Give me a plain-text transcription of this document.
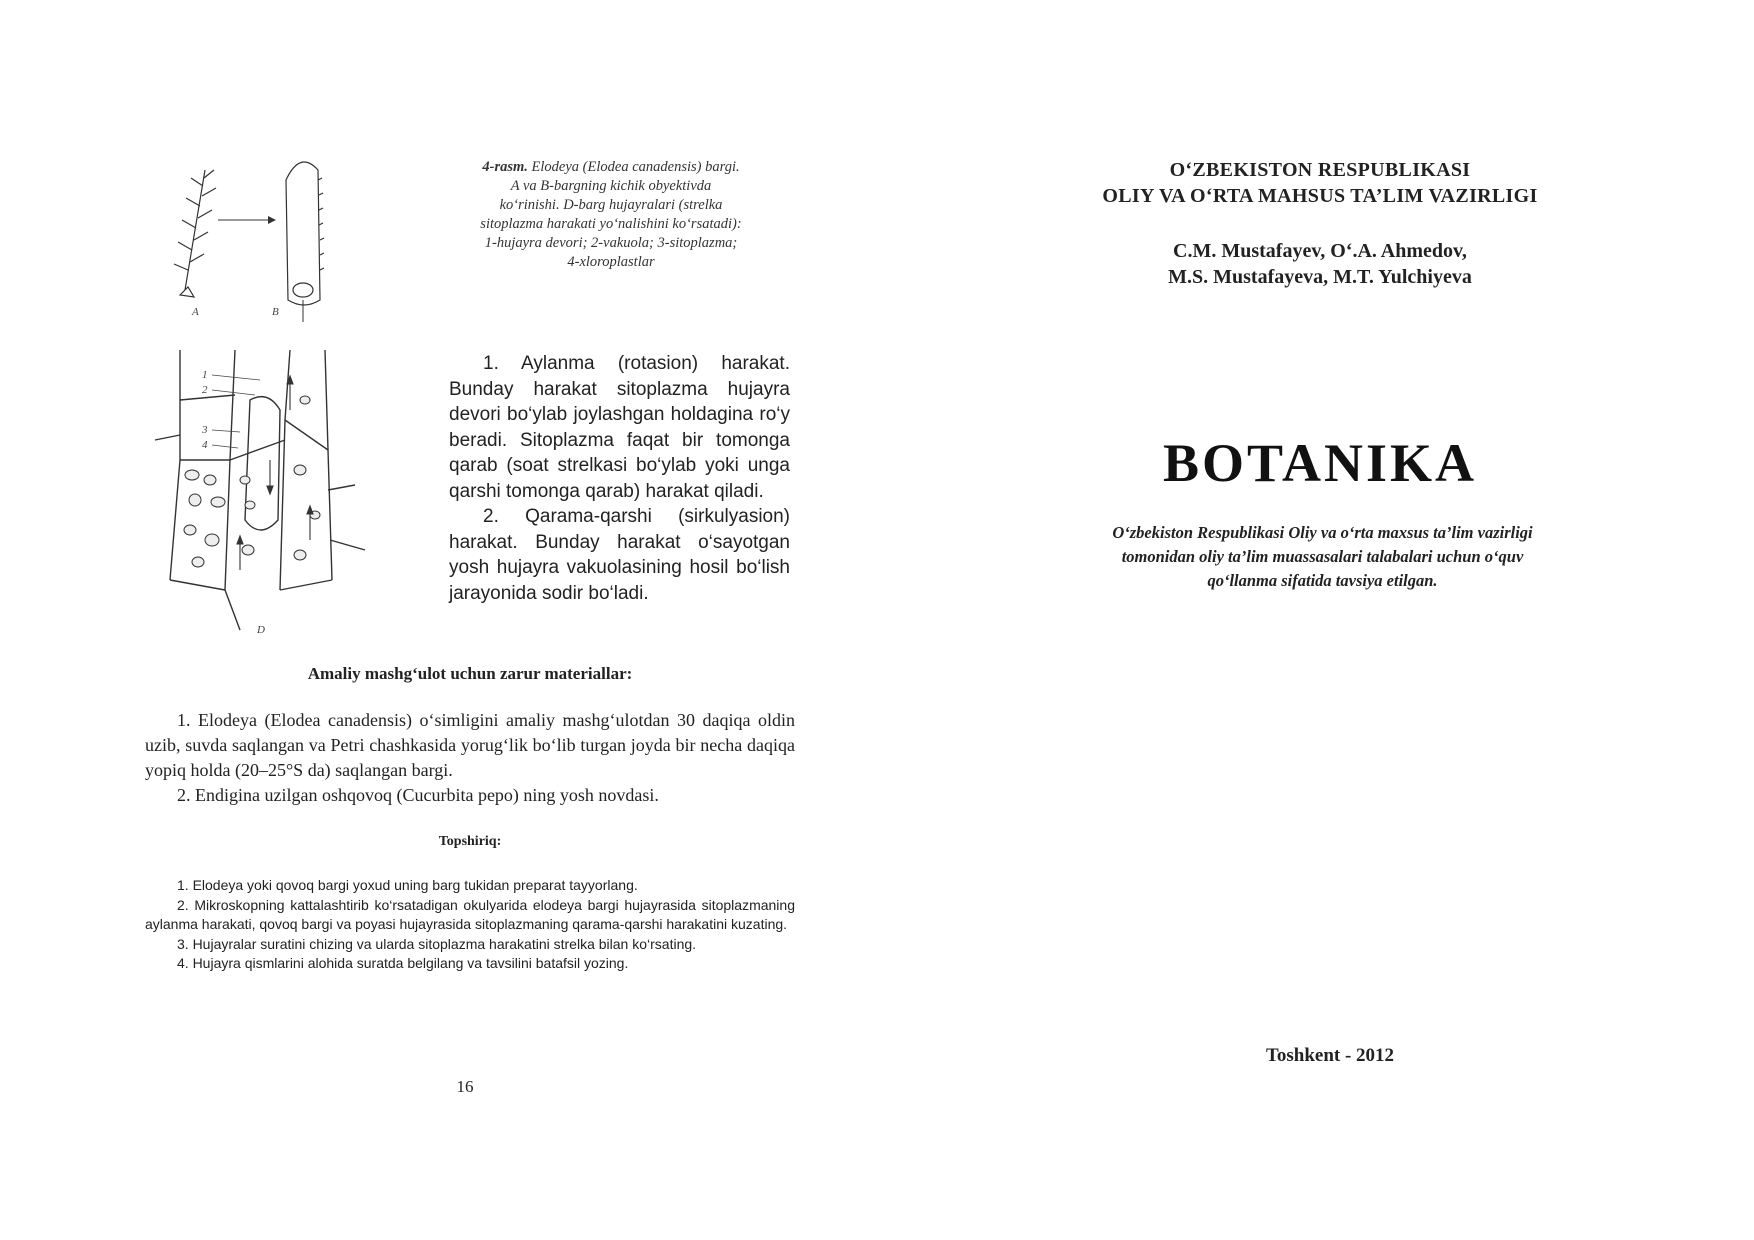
A	B
1
2
3
4
D
4-rasm. Elodeya (Elodea canadensis) bargi.
A va B-bargning kichik obyektivda
ko‘rinishi. D-barg hujayralari (strelka
sitoplazma harakati yo‘nalishini ko‘rsatadi):
1-hujayra devori; 2-vakuola; 3-sitoplazma;
4-xloroplastlar

1. Aylanma (rotasion) harakat. Bunday harakat sitoplazma hujayra devori bo‘ylab joylashgan holdagina ro‘y beradi. Sitoplazma faqat bir tomonga qarab (soat strelkasi bo‘ylab yoki unga qarshi tomonga qarab) harakat qiladi.

2. Qarama-qarshi (sirkulyasion) harakat. Bunday harakat o‘sayotgan yosh hujayra vakuolasining hosil bo‘lish jarayonida sodir bo‘ladi.

Amaliy mashg‘ulot uchun zarur materiallar:

1. Elodeya (Elodea canadensis) o‘simligini amaliy mashg‘ulotdan 30 daqiqa oldin uzib, suvda saqlangan va Petri chashkasida yorug‘lik bo‘lib turgan joyda bir necha daqiqa yopiq holda (20–25°S da) saqlangan bargi.

2. Endigina uzilgan oshqovoq (Cucurbita pepo) ning yosh novdasi.

Topshiriq:

1. Elodeya yoki qovoq bargi yoxud uning barg tukidan preparat tayyorlang.

2. Mikroskopning kattalashtirib ko‘rsatadigan okulyarida elodeya bargi hujayrasida sitoplazmaning aylanma harakati, qovoq bargi va poyasi hujayrasida sitoplazmaning qarama-qarshi harakatini kuzating.

3. Hujayralar suratini chizing va ularda sitoplazma harakatini strelka bilan ko‘rsating.

4. Hujayra qismlarini alohida suratda belgilang va tavsilini batafsil yozing.

16
O‘ZBEKISTON RESPUBLIKASI
OLIY VA O‘RTA MAHSUS TA’LIM VAZIRLIGI
C.M. Mustafayev, O‘.A. Ahmedov,
M.S. Mustafayeva, M.T. Yulchiyeva
BOTANIKA
O‘zbekiston Respublikasi Oliy va o‘rta maxsus ta’lim vazirligi
tomonidan oliy ta’lim muassasalari talabalari uchun o‘quv
qo‘llanma sifatida tavsiya etilgan.
Toshkent - 2012
